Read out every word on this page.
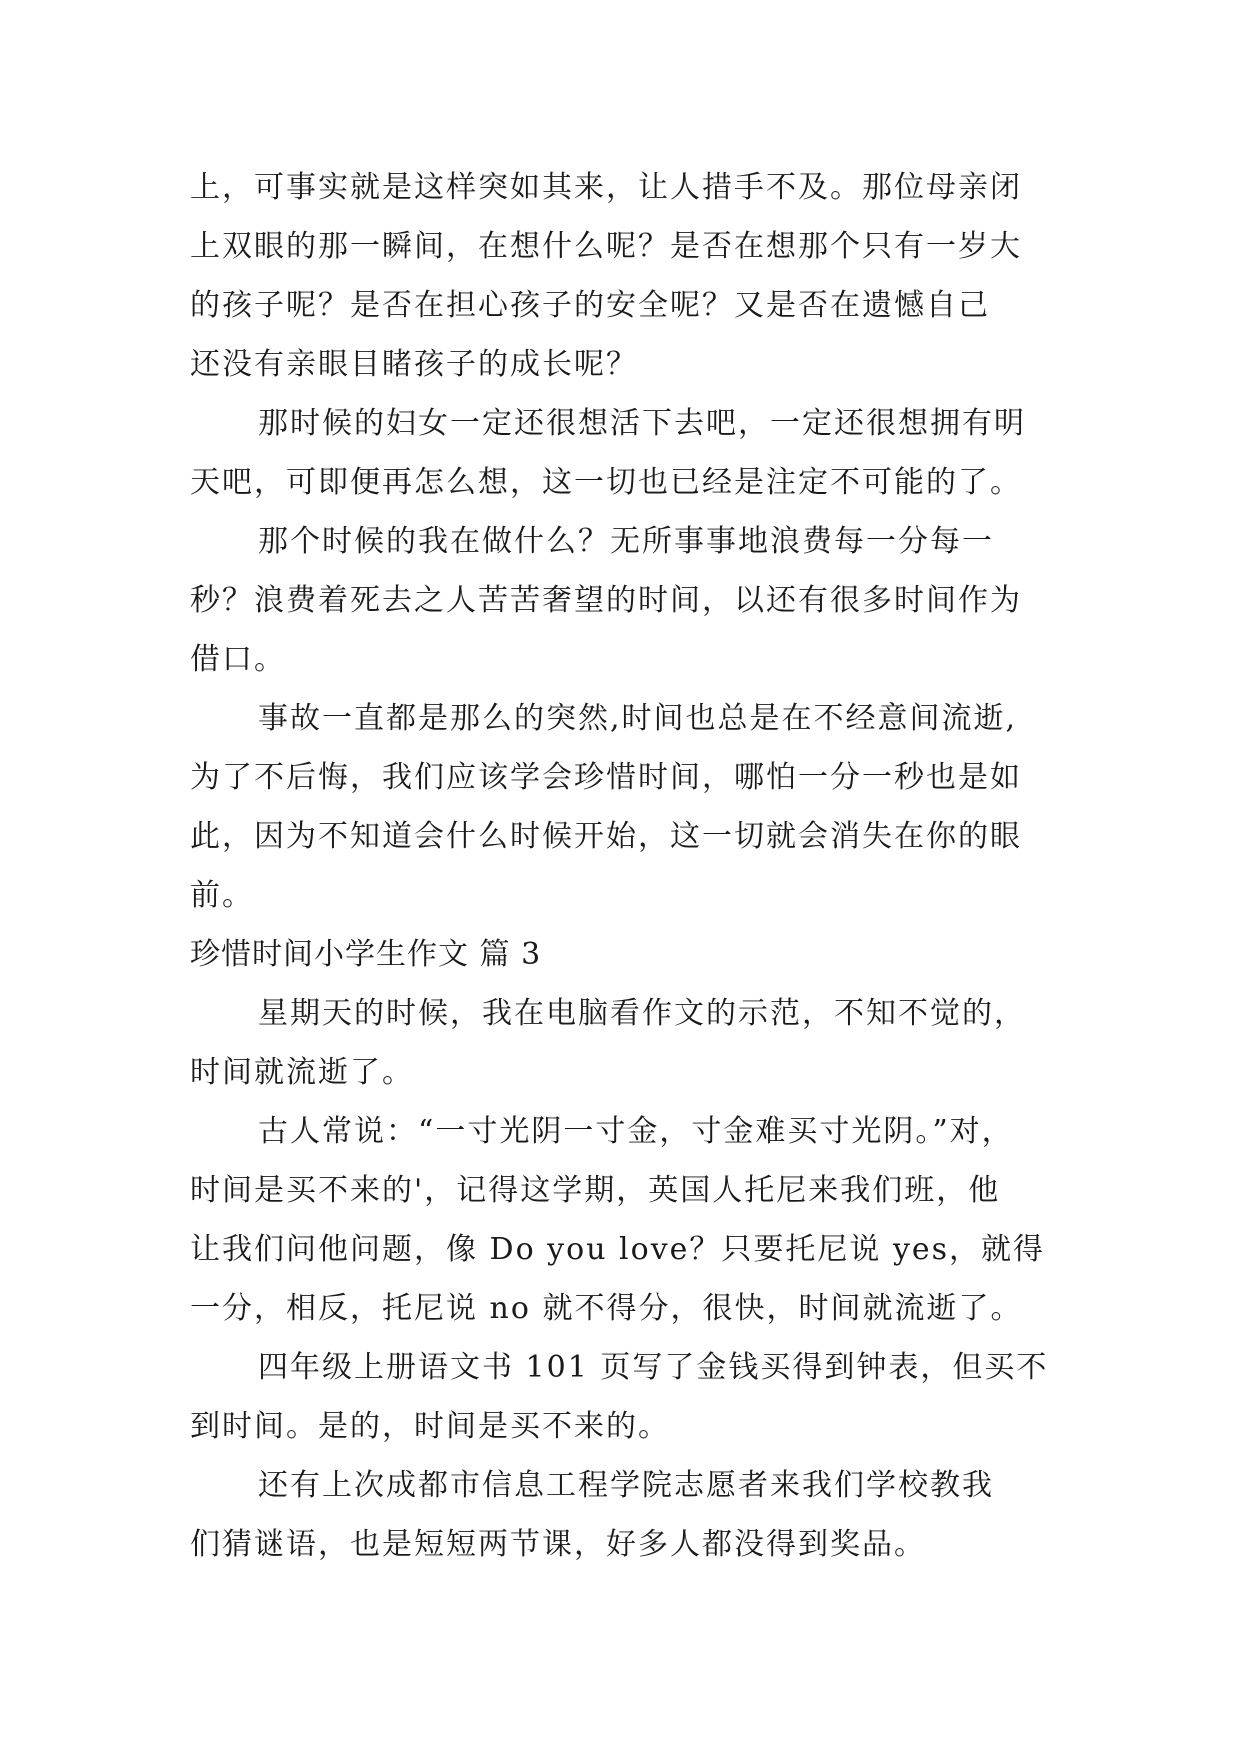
上，可事实就是这样突如其来，让人措手不及。那位母亲闭
上双眼的那一瞬间，在想什么呢？是否在想那个只有一岁大
的孩子呢？是否在担心孩子的安全呢？又是否在遗憾自己
还没有亲眼目睹孩子的成长呢？
那时候的妇女一定还很想活下去吧，一定还很想拥有明
天吧，可即便再怎么想，这一切也已经是注定不可能的了。
那个时候的我在做什么？无所事事地浪费每一分每一
秒？浪费着死去之人苦苦奢望的时间，以还有很多时间作为
借口。
事故一直都是那么的突然,时间也总是在不经意间流逝,
为了不后悔，我们应该学会珍惜时间，哪怕一分一秒也是如
此，因为不知道会什么时候开始，这一切就会消失在你的眼
前。
珍惜时间小学生作文 篇 3
星期天的时候，我在电脑看作文的示范，不知不觉的，
时间就流逝了。
古人常说：“一寸光阴一寸金，寸金难买寸光阴。”对，
时间是买不来的'，记得这学期，英国人托尼来我们班，他
让我们问他问题，像 Do you love？只要托尼说 yes，就得
一分，相反，托尼说 no 就不得分，很快，时间就流逝了。
四年级上册语文书 101 页写了金钱买得到钟表，但买不
到时间。是的，时间是买不来的。
还有上次成都市信息工程学院志愿者来我们学校教我
们猜谜语，也是短短两节课，好多人都没得到奖品。
